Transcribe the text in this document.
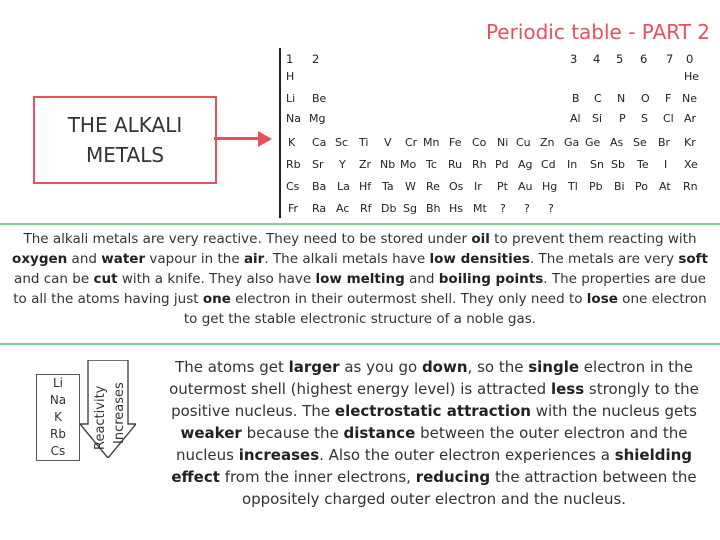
Periodic table - PART 2
THE ALKALI
METALS
1 2	3 4 5 6 7 0
H	He
Li Be	B C N O F Ne
Na Mg	Al Si P S Cl Ar
K Ca Sc Ti V Cr Mn Fe Co Ni Cu Zn Ga Ge As Se Br Kr
Rb Sr Y Zr Nb Mo Tc Ru Rh Pd Ag Cd In Sn Sb Te I Xe
Cs Ba La Hf Ta W Re Os Ir Pt Au Hg Tl Pb Bi Po At Rn
Fr Ra Ac Rf Db Sg Bh Hs Mt ? ? ?
The alkali metals are very reactive. They need to be stored under oil to prevent them reacting with oxygen and water vapour in the air. The alkali metals have low densities. The metals are very soft and can be cut with a knife. They also have low melting and boiling points. The properties are due to all the atoms having just one electron in their outermost shell. They only need to lose one electron to get the stable electronic structure of a noble gas.
Li
Na
K
Rb
Cs
Reactivity Increases
The atoms get larger as you go down, so the single electron in the outermost shell (highest energy level) is attracted less strongly to the positive nucleus. The electrostatic attraction with the nucleus gets weaker because the distance between the outer electron and the nucleus increases. Also the outer electron experiences a shielding effect from the inner electrons, reducing the attraction between the oppositely charged outer electron and the nucleus.
